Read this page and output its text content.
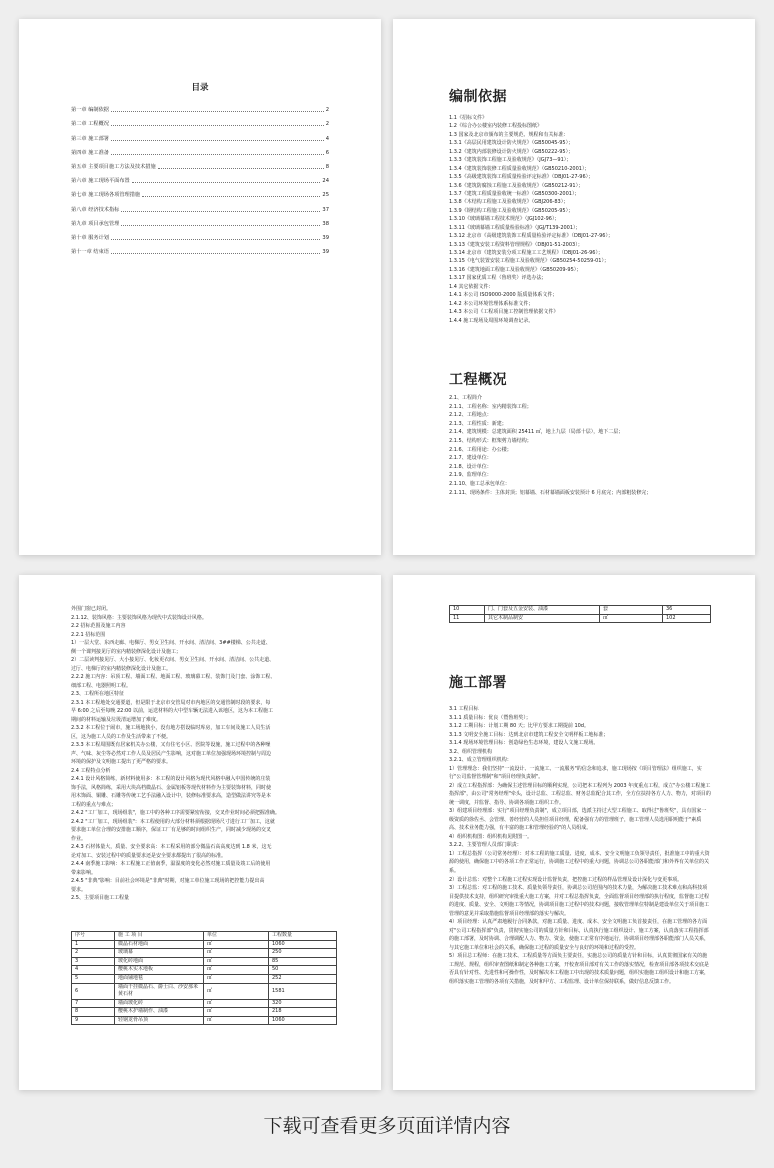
目录
第一章 编制依据	2
第二章 工程概况	2
第三章 施工部署	4
第四章 施工准备	6
第五章 主要项目施工方法及技术措施	8
第六章 施工现场平面布置	24
第七章 施工现场各项管理措施	25
第八章 经济技术指标	37
第九章 项目承包管理	38
第十章 服务计划	39
第十一章 结束语	39
编制依据
1.1《招标文件》
1.2《综合办公楼室内装修工程投标图纸》
1.3 国家及北京市颁布的主要规范、规程和有关标准：
1.3.1《高层民用建筑设计防火规范》（GB50045-95）；
1.3.2《建筑内部装修设计防火规范》（GB50222-95）；
1.3.3《建筑装饰工程施工及验收规范》（JGJ73—91）；
1.3.4《建筑装饰装修工程质量验收规范》（GB50210-2001）；
1.3.5《高级建筑装饰工程质量检验评定标准》（DBJ01-27-96）；
1.3.6《建筑防腐蚀工程施工及验收规范》（GB50212-91）；
1.3.7《建筑工程质量验收统一标准》（GB50300-2001）；
1.3.8《木结构工程施工及验收规范》（GBJ206-83）；
1.3.9《钢结构工程施工及验收规范》（GB50205-95）；
1.3.10《玻璃幕墙工程技术规范》（JGJ102-96）；
1.3.11《玻璃幕墙工程质量检验标准》（JGJ/T139-2001）；
1.3.12 北京市《高级建筑装饰工程质量检验评定标准》（DBJ01-27-96）；
1.3.13《建筑安装工程资料管理规程》（DBJ01-51-2003）；
1.3.14 北京市《建筑安装分项工程施工工艺规程》（DBJ01-26-96）；
1.3.15《电气装置安装工程施工及验收规范》（GB50254-50259-01）；
1.3.16《建筑地面工程施工及验收规范》（GB50209-95）；
1.3.17 国家优质工程（鲁班奖）评选办法；
1.4 其它依据文件：
1.4.1 本公司 ISO9000-2000 版质量体系文件；
1.4.2 本公司环境管理体系标准文件；
1.4.3 本公司《工程项目施工控制管理依据文件》
1.4.4 施工现场及周围环境调查记录。
工程概况
2.1、工程简介
2.1.1、工程名称：室内精装饰工程；
2.1.2、工程地点：
2.1.3、工程性质：新建；
2.1.4、建筑规模：总建筑面积 25411 ㎡，地上九层（局部十层），地下二层；
2.1.5、结构形式：框架剪力墙结构；
2.1.6、工程用途：办公楼；
2.1.7、建设单位：
2.1.8、设计单位：
2.1.9、监理单位：
2.1.10、施工总承包单位：
2.1.11、现场条件：主体封顶；铝幕墙、石材幕墙面板安装预计 6 月底完；内部粗装修完；
外围门窗已封闭。
2.1.12、装饰风格：主要装饰风格为现代中式装饰设计风格。
2.2 招标范围及施工内容
2.2.1 招标范围
1）一层大堂、东西走廊、电梯厅、男女卫生间、开水间、清洁间、3##楼梯、公共走道、
侧一个课判接见厅的室内精装修深化设计及施工；
2）二层读判接见厅、大小接见厅、化妆更衣间、男女卫生间、开水间、清洁间、公共走道、
过厅、电梯厅的室内精装修深化设计及施工。
2.2.2 施工内容：吊顶工程、墙面工程、地面工程、玻璃幕工程、装饰门及门套、涂饰工程、
细部工程、电器照明工程。
2.3、工程所在地区特征
2.3.1 本工程地处交通要道，但是限于北京市交管局对市内地区的交通管制时段的要求，每
早 6:00 之后至每晚 22:00 以前，运送材料的大中型车辆无法进入该地区，这为本工程施工
期间的材料运输及垃圾清运增加了难度。
2.3.2 本工程位于闹市，施工场地狭小，没有地方搭设临时库房，加工车间及施工人员生活
区，这为施工人员的工作及生活带来了不便。
2.3.3 本工程周围既有居家机关办公楼，又有住宅小区、医院等设施，施工过程中的各种噪
声、气味、灰尘等必然对工作人员及居民产生影响，这对施工单位加强现场环境控制与周边
环境的保护及文明施工提出了更严格的要求。
2.4 工程特点分析
2.4.1 设计风格简练，新材料使用多：本工程的设计风格为现代风格中融入中国传统的庄装
饰手法，风格简练，采用大块高档微晶石、金属铝板等现代材料作为主要装饰材料，同时使
用木饰面、铜雕、石雕等传统工艺手法融入设计中，装修标准要求高，造型做法讲究等是本
工程的重点与难点；
2.4.2 "工厂加工，现场组装"，施工中的各种工序需要紧密衔接，交叉作业时间必须把握准确。
2.4.2 "工厂加工，现场组装"：本工程使用的大部分材料须根据现场尺寸进行工厂加工，这就
要求施工单位合理的安排施工顺序，保证工厂有足够的时间组织生产，同时减少现场的交叉
作业。
2.4.3 石材体量大，质量、安全要求高：本工程采用的部分微晶石高高度达到 1.8 米，这无
论对加工、安装过程中的质量要求还是安全要求都提出了很高的标准。
2.4.4 南季施工影响：本工程施工正值南季，温湿度的变化必然对施工质量及竣工后的使用
带来影响。
2.4.5 "非典"影响：目前社会环境是"非典"时期，对施工单位施工现场的把控能力提出高
要求。
2.5、主要项目施工工程量
序号	施 工 项 目	单位	工程数量
1	微晶石材地面	㎡	1060
2	玻璃幕	㎡	250
3	玻化砖地面	㎡	85
4	樱桃木实木地板	㎡	50
5	地面铺地毯	㎡	252
6	墙面干挂微晶石、爵士白、沙安那米黄石材	㎡	1581
7	墙面玻化砖	㎡	320
8	樱桃木护墙制作、油漆	㎡	218
9	轻钢龙骨吊顶	㎡	1060
10	门、门套及五金安装、油漆	套	36
11	其它木制品制安	㎡	102
施工部署
3.1 工程目标
3.1.1 质量目标：优良（暨鲁班奖）；
3.1.2 工期目标：计划工期 80 天；比甲方要求工期提前 10d。
3.1.3 文明安全施工目标：达到北京市建筑工程安全文明样板工地标准；
3.1.4 现场环境管理目标：创造绿色生态环境，建设人文施工现场。
3.2、组织管理机构
3.2.1、成立管理组织机构：
1）管理理念：我们坚持"一流设计、一流施工、一流服务"的信念和追求，施工现场按《项目管理法》组织施工，实行"公司监督管理制"和"项目经理负责制"。
2）成立工程指挥部：为确保主述管理目标的顺利实现，公司把本工程列为 2003 年度重点工程，成立"办公楼工程施工指挥部"，由公司"常务经理"牵头，设计总监、工程总监、财务总监配合其工作，全方位扶持各方人力、物力，对项目的统一调度，并监督、指导、协调各项施工组织工作。
3）组建项目经理部：实行"项目经理负责制"，成立项目部，选派主持过大型工程施工、取得过"鲁班奖"，具有国家一级资质的徐佐丞、会管理、善经营的人员担任项目经理，配备强有力的管理班子，施工管理人员选用职明能于"素质高、技术业务能力强，有丰富的施工和管理经验的"的人员组成。
4）组织机构图：组织机构见附图一。
3.2.2、主要管理人员部门职责：
1）工程总指挥（公司常务经理）：对本工程的施工质量、进度、成本、安全文明施工负领导责任，批准施工中的重大资源的使用，确保施工中的各项工作正常运行，协调施工过程中的重大问题，协调总公司各职能部门和外界有关单位的关系。
2）设计总监：对整个工程施工过程实现设计监督负责，把控施工过程的样品管理及设计深化与变更事项。
3）工程总监：对工程的施工技术、质量负领导责任，协调总公司范围内的技术力量，为解决施工技术难点和高科技项目提供技术支持，组织研究审批重大施工方案，并对工程总指挥负责，全面监督项目经理部的执行程度，监督施工过程的进度、质量、安全、文明施工等情况，协调项目施工过程中的技术问题，接收管理单位特制是建设单位关于项目施工管理的意见并采取措施监督项目经理部的落实与解决。
4）项目经理：认真严肃地履行合同条款，对施工质量、进度、成本、安全文明施工负首接责任，在施工管理的各方面对"公司工程指挥部"负责，贯彻实施公司的质量方针和目标，认真执行施工组织设计、施工方案，认真落实工程指挥部的施工部署，及时协调、合理调配人力、物力、资金，使施工正常有序地运行，协调项目经理部各职能部门人员关系，与其它施工单位和社会的关系，确保施工过程的质量安全与良好的环境和过程的受控。
5）项目总工程师：在施工技术、工程质量等方面负主要责任，实施总公司的质量方针和目标，认真贯彻国家有关的施工规范、规程，组织审查图纸和制定各种施工方案，开校查项目部对有关工作的落实情况，检查项目部各项技术交底是否具有针对性、先进性和可操作性，及时解决本工程施工中出现的技术质量问题，组织实施施工组织设计和施工方案，组织落实施工管理的各项有关措施，及时和甲方、工程监理、设计单位保持联系，做好信息反馈工作。
下载可查看更多页面详情内容
